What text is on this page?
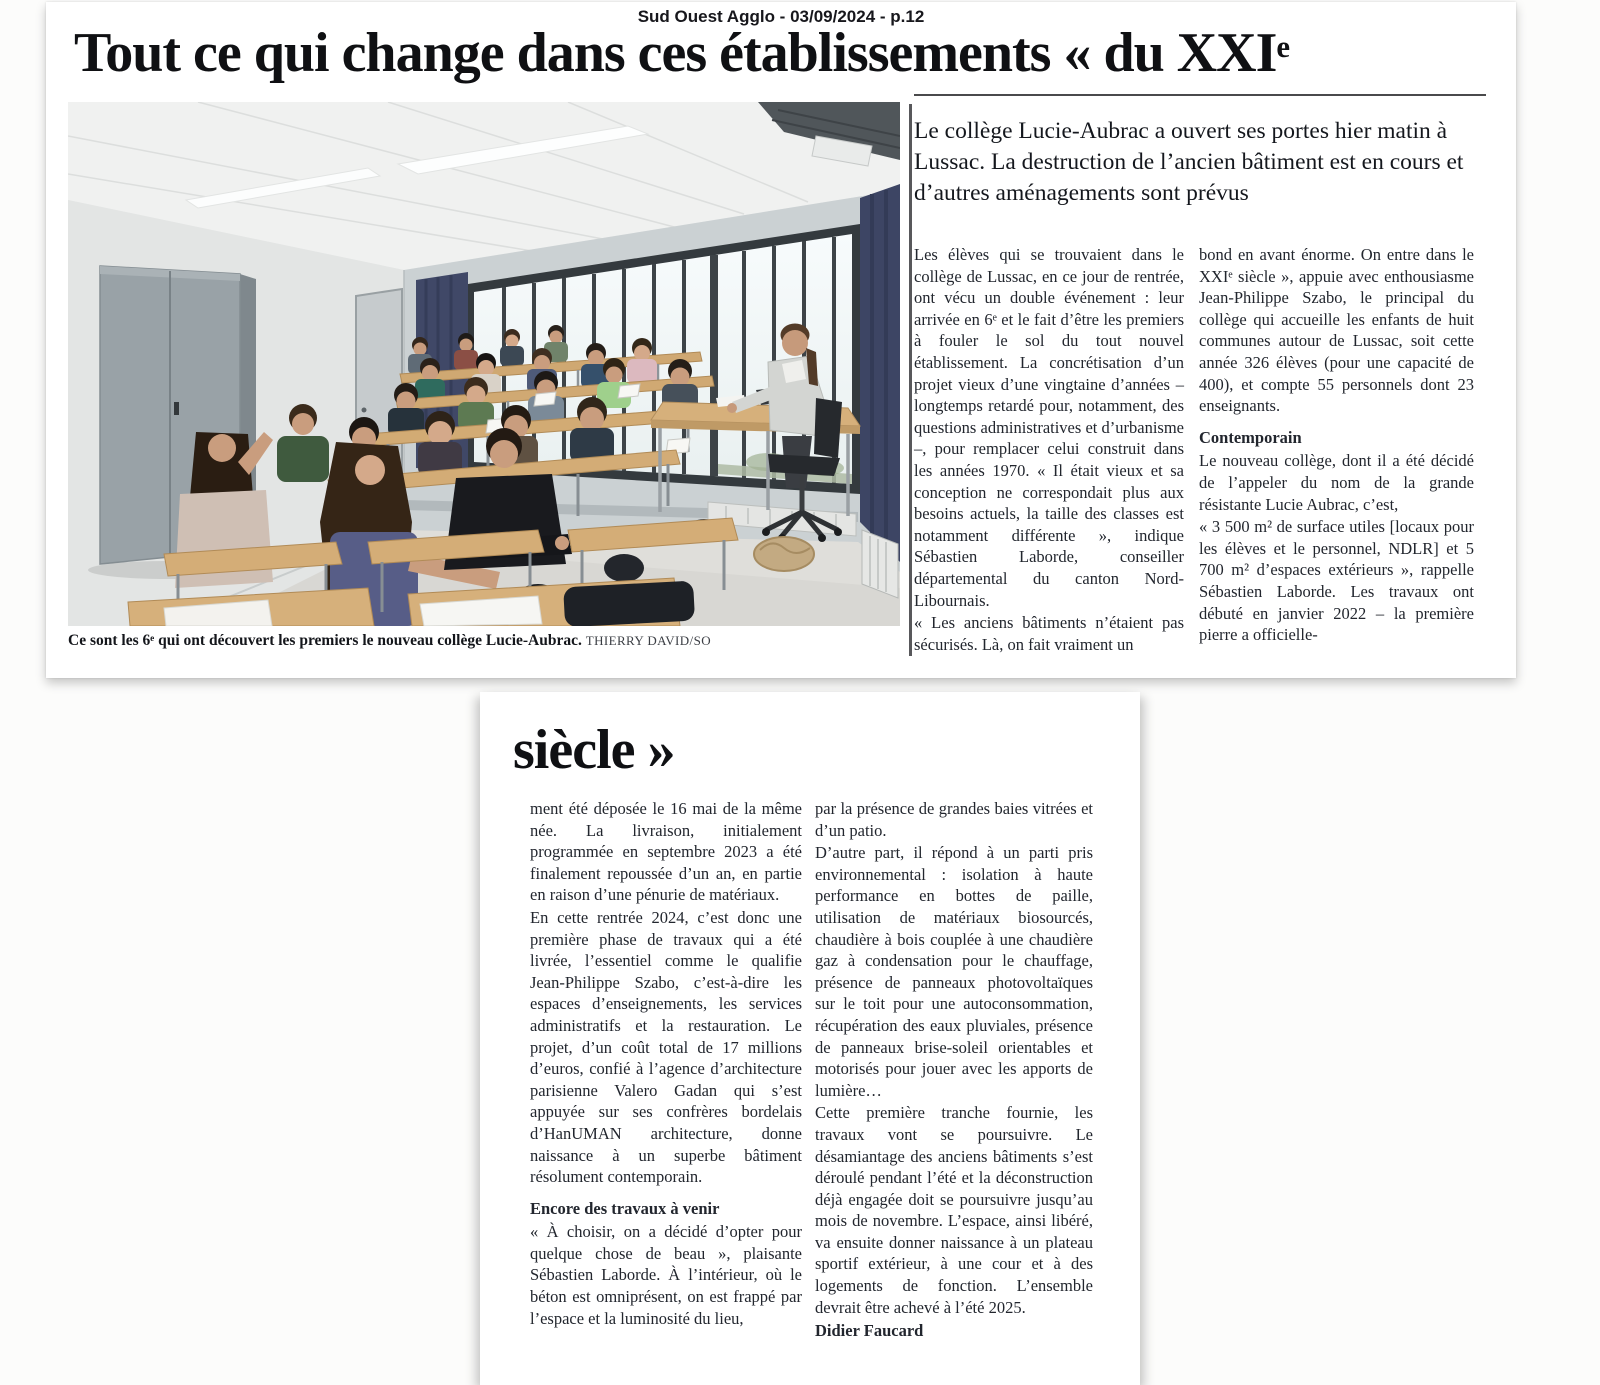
Sud Ouest Agglo - 03/09/2024 - p.12
Tout ce qui change dans ces établissements « du XXIe
Ce sont les 6ᵉ qui ont découvert les premiers le nouveau collège Lucie-Aubrac. THIERRY DAVID/SO
Le collège Lucie-Aubrac a ouvert ses portes hier matin à Lussac. La destruction de l’ancien bâtiment est en cours et d’autres aménagements sont prévus

Les élèves qui se trouvaient dans le collège de Lussac, en ce jour de rentrée, ont vécu un double événement : leur arrivée en 6ᵉ et le fait d’être les premiers à fouler le sol du tout nouvel établissement. La concrétisation d’un projet vieux d’une vingtaine d’années – longtemps retardé pour, notamment, des questions administratives et d’urbanisme –, pour remplacer celui construit dans les années 1970. « Il était vieux et sa conception ne correspondait plus aux besoins actuels, la taille des classes est notamment différente », indique Sébastien Laborde, conseiller départemental du canton Nord-Libournais.

« Les anciens bâtiments n’étaient pas sécurisés. Là, on fait vraiment un

bond en avant énorme. On entre dans le XXIᵉ siècle », appuie avec enthousiasme Jean-Philippe Szabo, le principal du collège qui accueille les enfants de huit communes autour de Lussac, soit cette année 326 élèves (pour une capacité de 400), et compte 55 personnels dont 23 enseignants.

Contemporain

Le nouveau collège, dont il a été décidé de l’appeler du nom de la grande résistante Lucie Aubrac, c’est,

« 3 500 m² de surface utiles [locaux pour les élèves et le personnel, NDLR] et 5 700 m² d’espaces extérieurs », rappelle Sébastien Laborde. Les travaux ont débuté en janvier 2022 – la première pierre a officielle-

siècle »

ment été déposée le 16 mai de la même née. La livraison, initialement programmée en septembre 2023 a été finalement repoussée d’un an, en partie en raison d’une pénurie de matériaux.

En cette rentrée 2024, c’est donc une première phase de travaux qui a été livrée, l’essentiel comme le qualifie Jean-Philippe Szabo, c’est-à-dire les espaces d’enseignements, les services administratifs et la restauration. Le projet, d’un coût total de 17 millions d’euros, confié à l’agence d’architecture parisienne Valero Gadan qui s’est appuyée sur ses confrères bordelais d’HanUMAN architecture, donne naissance à un superbe bâtiment résolument contemporain.

Encore des travaux à venir

« À choisir, on a décidé d’opter pour quelque chose de beau », plaisante Sébastien Laborde. À l’intérieur, où le béton est omniprésent, on est frappé par l’espace et la luminosité du lieu,

par la présence de grandes baies vitrées et d’un patio.

D’autre part, il répond à un parti pris environnemental : isolation à haute performance en bottes de paille, utilisation de matériaux biosourcés, chaudière à bois couplée à une chaudière gaz à condensation pour le chauffage, présence de panneaux photovoltaïques sur le toit pour une autoconsommation, récupération des eaux pluviales, présence de panneaux brise-soleil orientables et motorisés pour jouer avec les apports de lumière…

Cette première tranche fournie, les travaux vont se poursuivre. Le désamiantage des anciens bâtiments s’est déroulé pendant l’été et la déconstruction déjà engagée doit se poursuivre jusqu’au mois de novembre. L’espace, ainsi libéré, va ensuite donner naissance à un plateau sportif extérieur, à une cour et à des logements de fonction. L’ensemble devrait être achevé à l’été 2025.

Didier Faucard
